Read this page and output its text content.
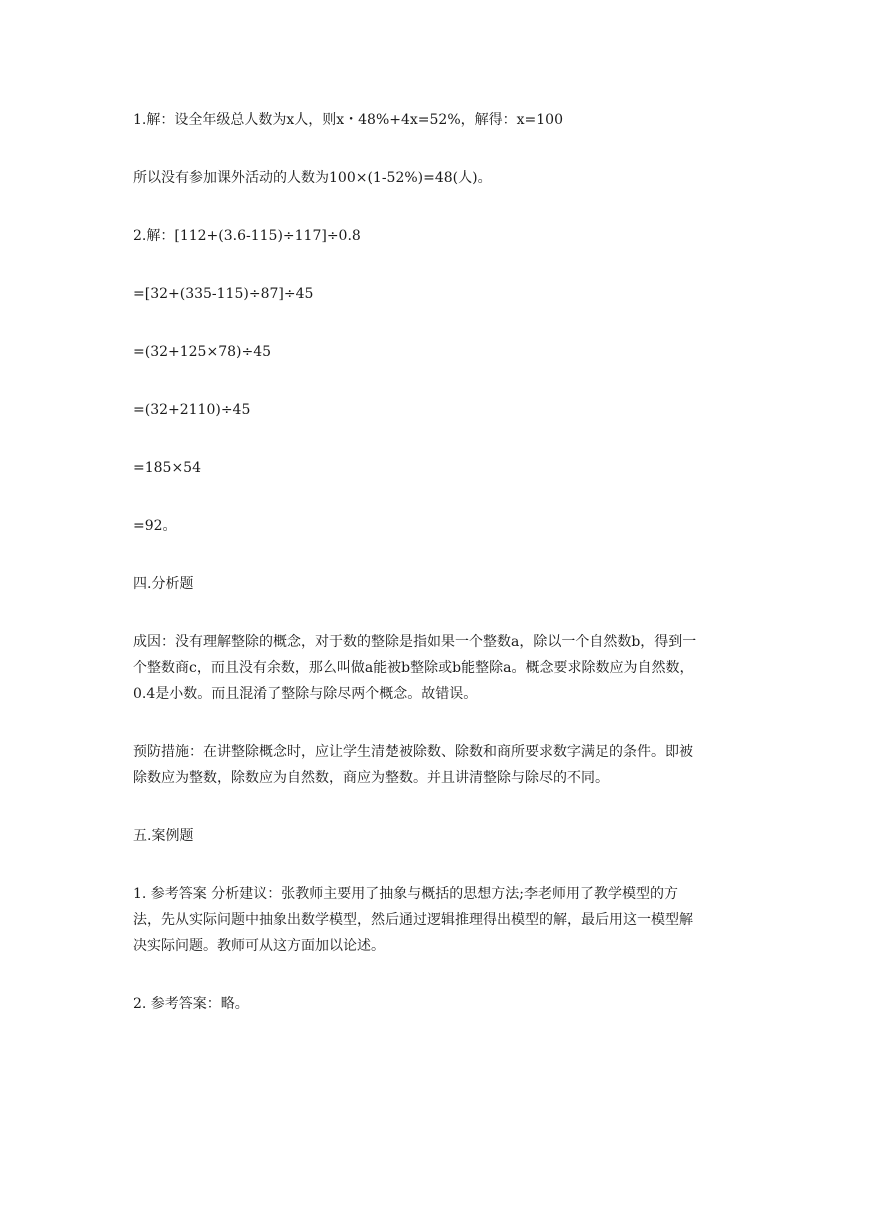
1.解：设全年级总人数为x人，则x・48%+4x=52%，解得：x=100

所以没有参加课外活动的人数为100×(1-52%)=48(人)。

2.解：[112+(3.6-115)÷117]÷0.8

=[32+(335-115)÷87]÷45

=(32+125×78)÷45

=(32+2110)÷45

=185×54

=92。

四.分析题

成因：没有理解整除的概念，对于数的整除是指如果一个整数a，除以一个自然数b，得到一
个整数商c，而且没有余数，那么叫做a能被b整除或b能整除a。概念要求除数应为自然数，
0.4是小数。而且混淆了整除与除尽两个概念。故错误。

预防措施：在讲整除概念时，应让学生清楚被除数、除数和商所要求数字满足的条件。即被
除数应为整数，除数应为自然数，商应为整数。并且讲清整除与除尽的不同。

五.案例题

1. 参考答案 分析建议：张教师主要用了抽象与概括的思想方法;李老师用了教学模型的方
法，先从实际问题中抽象出数学模型，然后通过逻辑推理得出模型的解，最后用这一模型解
决实际问题。教师可从这方面加以论述。

2. 参考答案：略。
